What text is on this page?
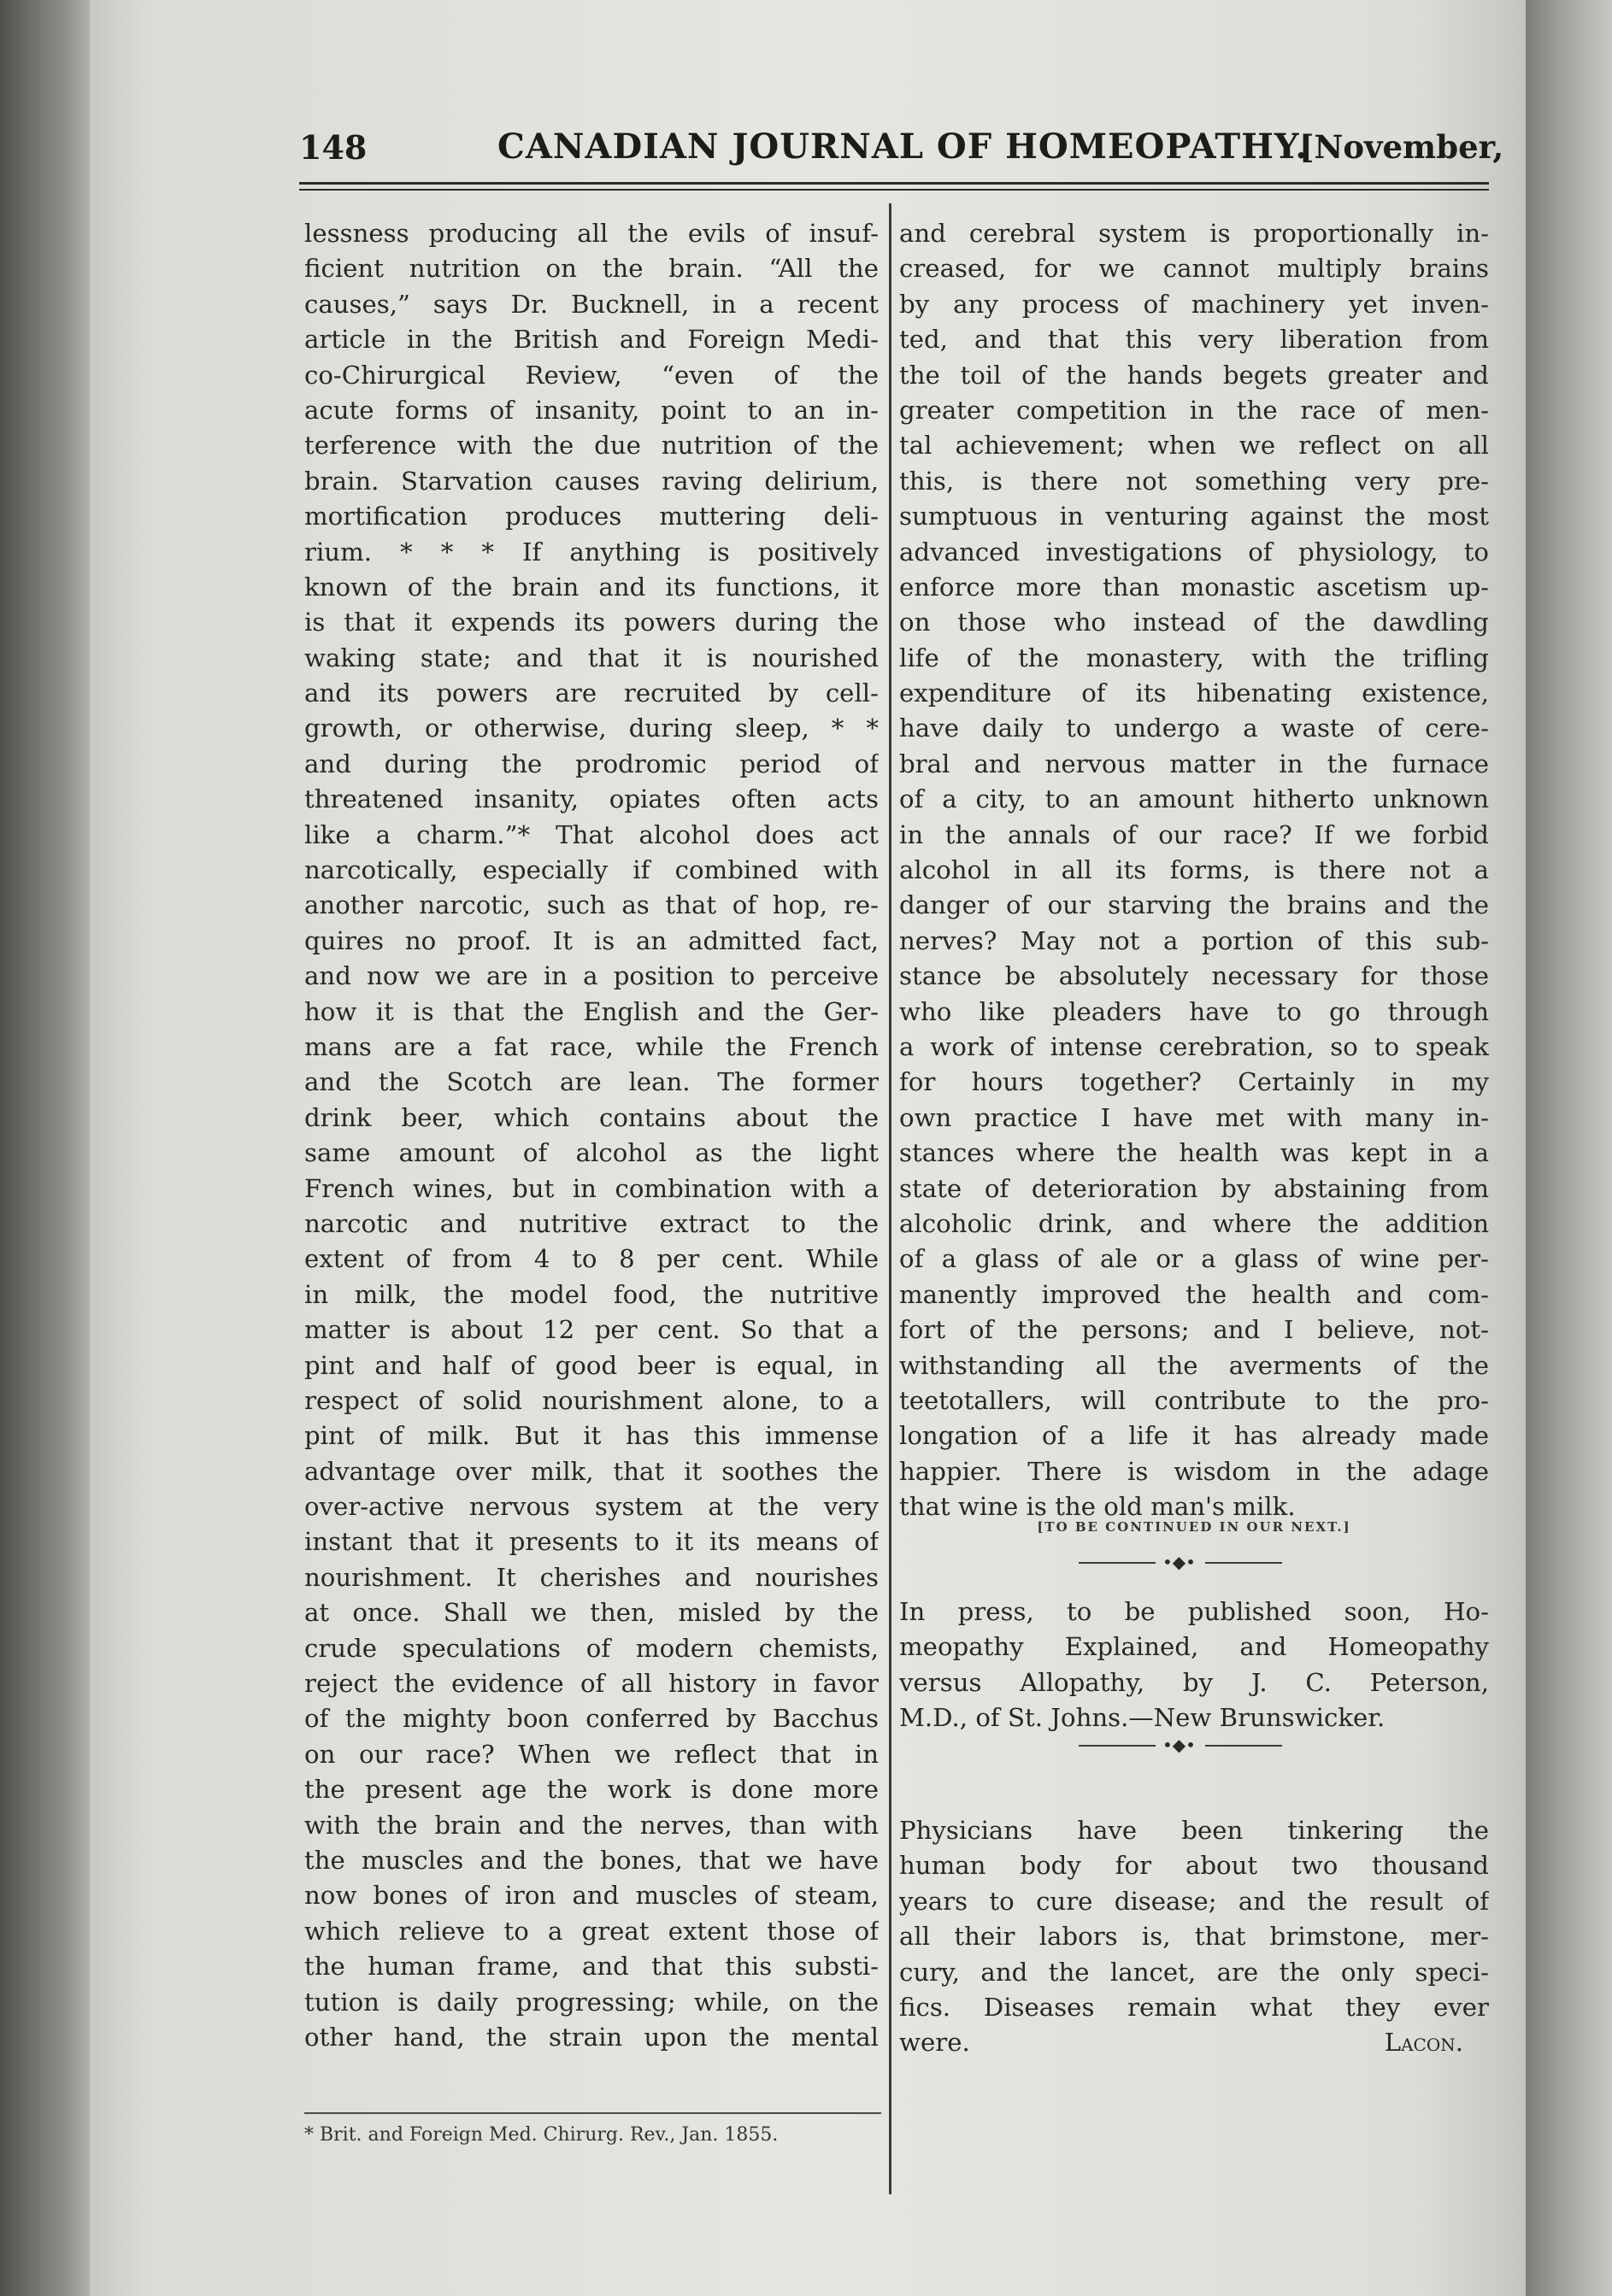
148	CANADIAN JOURNAL OF HOMEOPATHY.
[November,
lessness producing all the evils of insuf-
ficient nutrition on the brain. “All the
causes,” says Dr. Bucknell, in a recent
article in the British and Foreign Medi-
co-Chirurgical Review, “even of the
acute forms of insanity, point to an in-
terference with the due nutrition of the
brain. Starvation causes raving delirium,
mortification produces muttering deli-
rium. * * * If anything is positively
known of the brain and its functions, it
is that it expends its powers during the
waking state; and that it is nourished
and its powers are recruited by cell-
growth, or otherwise, during sleep, * *
and during the prodromic period of
threatened insanity, opiates often acts
like a charm.”* That alcohol does act
narcotically, especially if combined with
another narcotic, such as that of hop, re-
quires no proof. It is an admitted fact,
and now we are in a position to perceive
how it is that the English and the Ger-
mans are a fat race, while the French
and the Scotch are lean. The former
drink beer, which contains about the
same amount of alcohol as the light
French wines, but in combination with a
narcotic and nutritive extract to the
extent of from 4 to 8 per cent. While
in milk, the model food, the nutritive
matter is about 12 per cent. So that a
pint and half of good beer is equal, in
respect of solid nourishment alone, to a
pint of milk. But it has this immense
advantage over milk, that it soothes the
over-active nervous system at the very
instant that it presents to it its means of
nourishment. It cherishes and nourishes
at once. Shall we then, misled by the
crude speculations of modern chemists,
reject the evidence of all history in favor
of the mighty boon conferred by Bacchus
on our race? When we reflect that in
the present age the work is done more
with the brain and the nerves, than with
the muscles and the bones, that we have
now bones of iron and muscles of steam,
which relieve to a great extent those of
the human frame, and that this substi-
tution is daily progressing; while, on the
other hand, the strain upon the mental
* Brit. and Foreign Med. Chirurg. Rev., Jan. 1855.
and cerebral system is proportionally in-
creased, for we cannot multiply brains
by any process of machinery yet inven-
ted, and that this very liberation from
the toil of the hands begets greater and
greater competition in the race of men-
tal achievement; when we reflect on all
this, is there not something very pre-
sumptuous in venturing against the most
advanced investigations of physiology, to
enforce more than monastic ascetism up-
on those who instead of the dawdling
life of the monastery, with the trifling
expenditure of its hibenating existence,
have daily to undergo a waste of cere-
bral and nervous matter in the furnace
of a city, to an amount hitherto unknown
in the annals of our race? If we forbid
alcohol in all its forms, is there not a
danger of our starving the brains and the
nerves? May not a portion of this sub-
stance be absolutely necessary for those
who like pleaders have to go through
a work of intense cerebration, so to speak
for hours together? Certainly in my
own practice I have met with many in-
stances where the health was kept in a
state of deterioration by abstaining from
alcoholic drink, and where the addition
of a glass of ale or a glass of wine per-
manently improved the health and com-
fort of the persons; and I believe, not-
withstanding all the averments of the
teetotallers, will contribute to the pro-
longation of a life it has already made
happier. There is wisdom in the adage
that wine is the old man's milk.
[TO BE CONTINUED IN OUR NEXT.]
•◆•
In press, to be published soon, Ho-
meopathy Explained, and Homeopathy
versus Allopathy, by J. C. Peterson,
M.D., of St. Johns.—New Brunswicker.
•◆•
Physicians have been tinkering the
human body for about two thousand
years to cure disease; and the result of
all their labors is, that brimstone, mer-
cury, and the lancet, are the only speci-
fics. Diseases remain what they ever
were.	Lacon.
